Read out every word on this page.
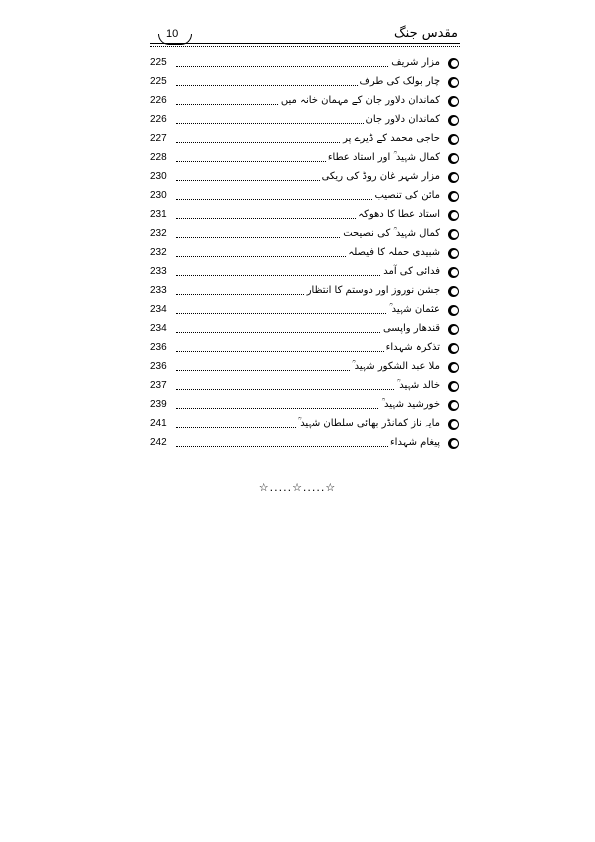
مقدس جنگ
10
مزار شریف
225
چار بولک کی طرف
225
کماندان دلاور جان کے مہمان خانہ میں
226
کماندان دلاور جان
226
حاجی محمد کے ڈیرے پر
227
کمال شہید ؒ اور استاد عطاء
228
مزار شہر غان روڈ کی ریکی
230
مائن کی تنصیب
230
استاد عطا کا دھوکہ
231
کمال شہید ؒ کی نصیحت
232
شبیدی حملہ کا فیصلہ
232
فدائی کی آمد
233
جشن نوروز اور دوستم کا انتظار
233
عثمان شہید ؒ
234
قندھار واپسی
234
تذکرہ شہداء
236
ملا عبد الشکور شہید ؒ
236
خالد شہید ؒ
237
خورشید شہید ؒ
239
مایہ ناز کمانڈر بھائی سلطان شہید ؒ
241
پیغام شہداء
242
☆.....☆.....☆
